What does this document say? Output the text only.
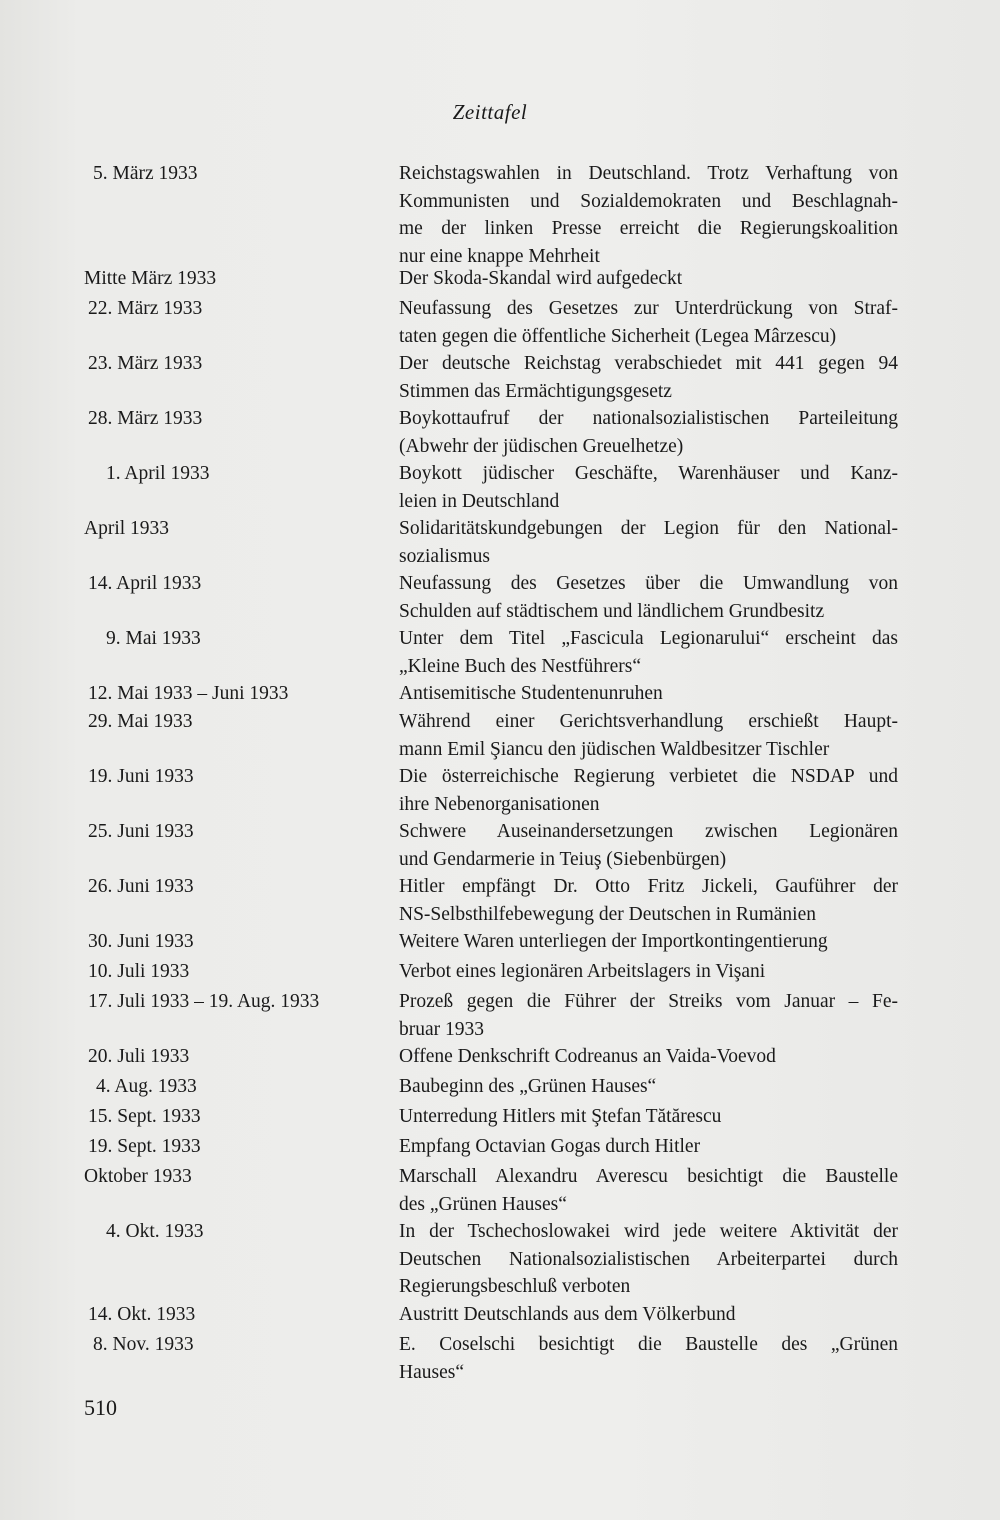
Zeittafel
5. März 1933	Reichstagswahlen in Deutschland. Trotz Verhaftung von
Kommunisten und Sozialdemokraten und Beschlagnah-
me der linken Presse erreicht die Regierungskoalition
nur eine knappe Mehrheit
Mitte März 1933	Der Skoda-Skandal wird aufgedeckt
22. März 1933	Neufassung des Gesetzes zur Unterdrückung von Straf-
taten gegen die öffentliche Sicherheit (Legea Mârzescu)
23. März 1933	Der deutsche Reichstag verabschiedet mit 441 gegen 94
Stimmen das Ermächtigungsgesetz
28. März 1933	Boykottaufruf der nationalsozialistischen Parteileitung
(Abwehr der jüdischen Greuelhetze)
1. April 1933	Boykott jüdischer Geschäfte, Warenhäuser und Kanz-
leien in Deutschland
April 1933	Solidaritätskundgebungen der Legion für den National-
sozialismus
14. April 1933	Neufassung des Gesetzes über die Umwandlung von
Schulden auf städtischem und ländlichem Grundbesitz
9. Mai 1933	Unter dem Titel „Fascicula Legionarului“ erscheint das
„Kleine Buch des Nestführers“
12. Mai 1933 – Juni 1933	Antisemitische Studentenunruhen
29. Mai 1933	Während einer Gerichtsverhandlung erschießt Haupt-
mann Emil Şiancu den jüdischen Waldbesitzer Tischler
19. Juni 1933	Die österreichische Regierung verbietet die NSDAP und
ihre Nebenorganisationen
25. Juni 1933	Schwere Auseinandersetzungen zwischen Legionären
und Gendarmerie in Teiuş (Siebenbürgen)
26. Juni 1933	Hitler empfängt Dr. Otto Fritz Jickeli, Gauführer der
NS-Selbsthilfebewegung der Deutschen in Rumänien
30. Juni 1933	Weitere Waren unterliegen der Importkontingentierung
10. Juli 1933	Verbot eines legionären Arbeitslagers in Vişani
17. Juli 1933 – 19. Aug. 1933	Prozeß gegen die Führer der Streiks vom Januar – Fe-
bruar 1933
20. Juli 1933	Offene Denkschrift Codreanus an Vaida-Voevod
4. Aug. 1933	Baubeginn des „Grünen Hauses“
15. Sept. 1933	Unterredung Hitlers mit Ştefan Tătărescu
19. Sept. 1933	Empfang Octavian Gogas durch Hitler
Oktober 1933	Marschall Alexandru Averescu besichtigt die Baustelle
des „Grünen Hauses“
4. Okt. 1933	In der Tschechoslowakei wird jede weitere Aktivität der
Deutschen Nationalsozialistischen Arbeiterpartei durch
Regierungsbeschluß verboten
14. Okt. 1933	Austritt Deutschlands aus dem Völkerbund
8. Nov. 1933	E. Coselschi besichtigt die Baustelle des „Grünen
Hauses“
510
